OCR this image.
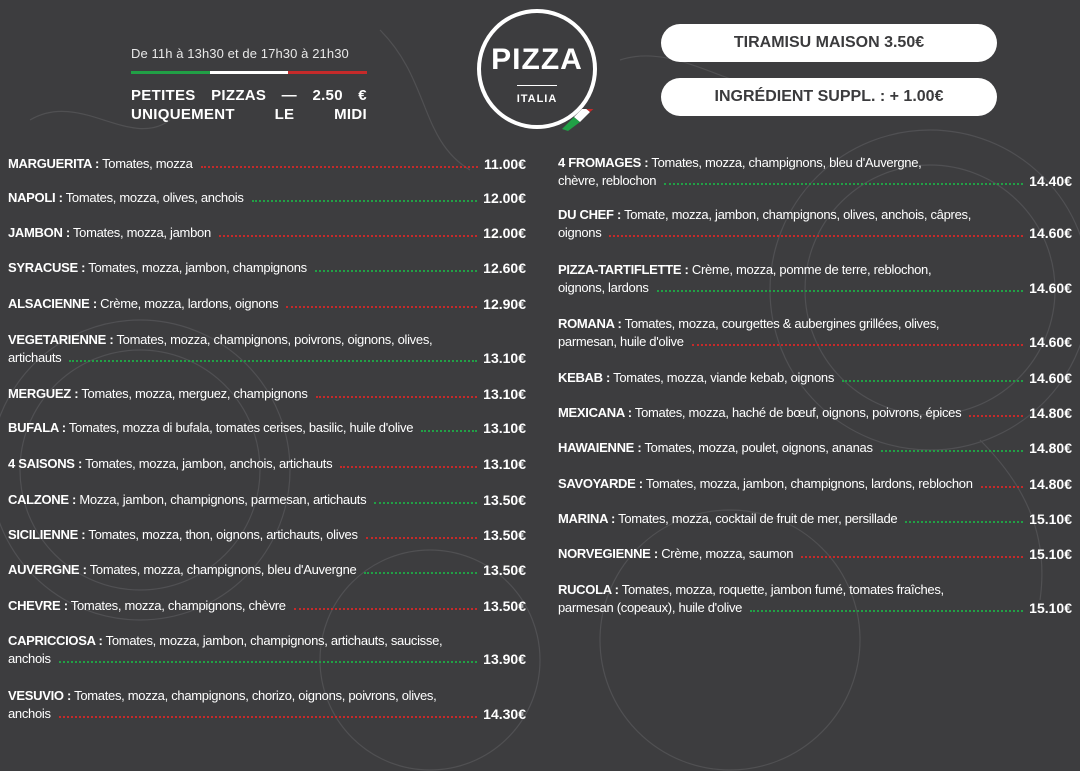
De 11h à 13h30 et de 17h30 à 21h30
PETITES PIZZAS — 2.50 €
UNIQUEMENT	LE	MIDI
PIZZA
ITALIA
TIRAMISU MAISON 3.50€
INGRÉDIENT SUPPL. : + 1.00€
MARGUERITA : Tomates, mozza	11.00€
NAPOLI : Tomates, mozza, olives, anchois	12.00€
JAMBON : Tomates, mozza, jambon	12.00€
SYRACUSE : Tomates, mozza, jambon, champignons	12.60€
ALSACIENNE : Crème, mozza, lardons, oignons	12.90€
VEGETARIENNE : Tomates, mozza, champignons, poivrons, oignons, olives,
artichauts	13.10€
MERGUEZ : Tomates, mozza, merguez, champignons	13.10€
BUFALA : Tomates, mozza di bufala, tomates cerises, basilic, huile d'olive	13.10€
4 SAISONS : Tomates, mozza, jambon, anchois, artichauts	13.10€
CALZONE : Mozza, jambon, champignons, parmesan, artichauts	13.50€
SICILIENNE : Tomates, mozza, thon, oignons, artichauts, olives	13.50€
AUVERGNE : Tomates, mozza, champignons, bleu d'Auvergne	13.50€
CHEVRE : Tomates, mozza, champignons, chèvre	13.50€
CAPRICCIOSA : Tomates, mozza, jambon, champignons, artichauts, saucisse,
anchois	13.90€
VESUVIO : Tomates, mozza, champignons, chorizo, oignons, poivrons, olives,
anchois	14.30€
4 FROMAGES : Tomates, mozza, champignons, bleu d'Auvergne,
chèvre, reblochon	14.40€
DU CHEF : Tomate, mozza, jambon, champignons, olives, anchois, câpres,
oignons	14.60€
PIZZA-TARTIFLETTE : Crème, mozza, pomme de terre, reblochon,
oignons, lardons	14.60€
ROMANA : Tomates, mozza, courgettes & aubergines grillées, olives,
parmesan, huile d'olive	14.60€
KEBAB : Tomates, mozza, viande kebab, oignons	14.60€
MEXICANA : Tomates, mozza, haché de bœuf, oignons, poivrons, épices	14.80€
HAWAIENNE : Tomates, mozza, poulet, oignons, ananas	14.80€
SAVOYARDE : Tomates, mozza, jambon, champignons, lardons, reblochon	14.80€
MARINA : Tomates, mozza, cocktail de fruit de mer, persillade	15.10€
NORVEGIENNE : Crème, mozza, saumon	15.10€
RUCOLA : Tomates, mozza, roquette, jambon fumé, tomates fraîches,
parmesan (copeaux), huile d'olive	15.10€
